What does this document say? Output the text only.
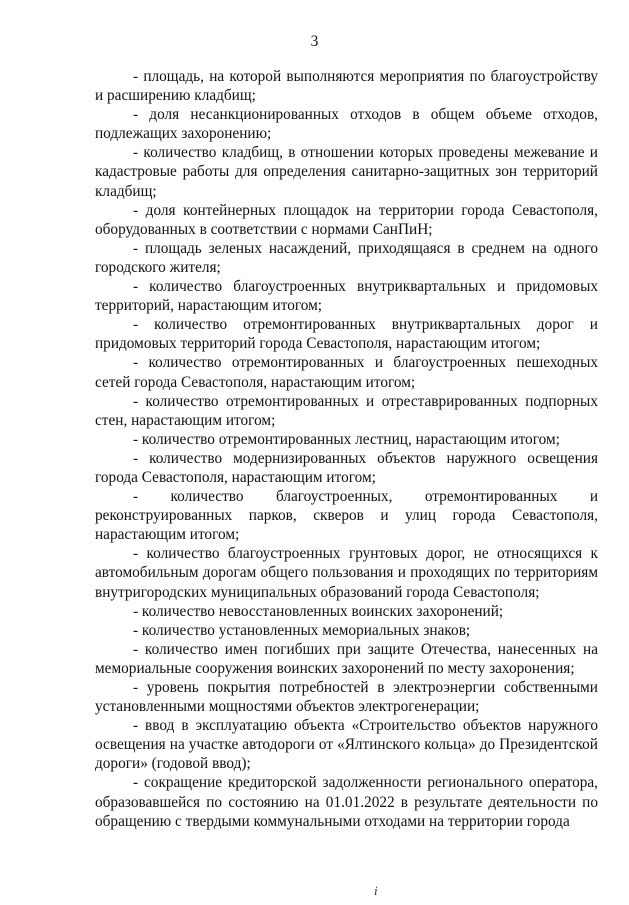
3

- площадь, на которой выполняются мероприятия по благоустройству и расширению кладбищ;

- доля несанкционированных отходов в общем объеме отходов, подлежащих захоронению;

- количество кладбищ, в отношении которых проведены межевание и кадастровые работы для определения санитарно-защитных зон территорий кладбищ;

- доля контейнерных площадок на территории города Севастополя, оборудованных в соответствии с нормами СанПиН;

- площадь зеленых насаждений, приходящаяся в среднем на одного городского жителя;

- количество благоустроенных внутриквартальных и придомовых территорий, нарастающим итогом;

- количество отремонтированных внутриквартальных дорог и придомовых территорий города Севастополя, нарастающим итогом;

- количество отремонтированных и благоустроенных пешеходных сетей города Севастополя, нарастающим итогом;

- количество отремонтированных и отреставрированных подпорных стен, нарастающим итогом;

- количество отремонтированных лестниц, нарастающим итогом;

- количество модернизированных объектов наружного освещения города Севастополя, нарастающим итогом;

- количество благоустроенных, отремонтированных и реконструированных парков, скверов и улиц города Севастополя, нарастающим итогом;

- количество благоустроенных грунтовых дорог, не относящихся к автомобильным дорогам общего пользования и проходящих по территориям внутригородских муниципальных образований города Севастополя;

- количество невосстановленных воинских захоронений;

- количество установленных мемориальных знаков;

- количество имен погибших при защите Отечества, нанесенных на мемориальные сооружения воинских захоронений по месту захоронения;

- уровень покрытия потребностей в электроэнергии собственными установленными мощностями объектов электрогенерации;

- ввод в эксплуатацию объекта «Строительство объектов наружного освещения на участке автодороги от «Ялтинского кольца» до Президентской дороги» (годовой ввод);

- сокращение кредиторской задолженности регионального оператора, образовавшейся по состоянию на 01.01.2022 в результате деятельности по обращению с твердыми коммунальными отходами на территории города

i
